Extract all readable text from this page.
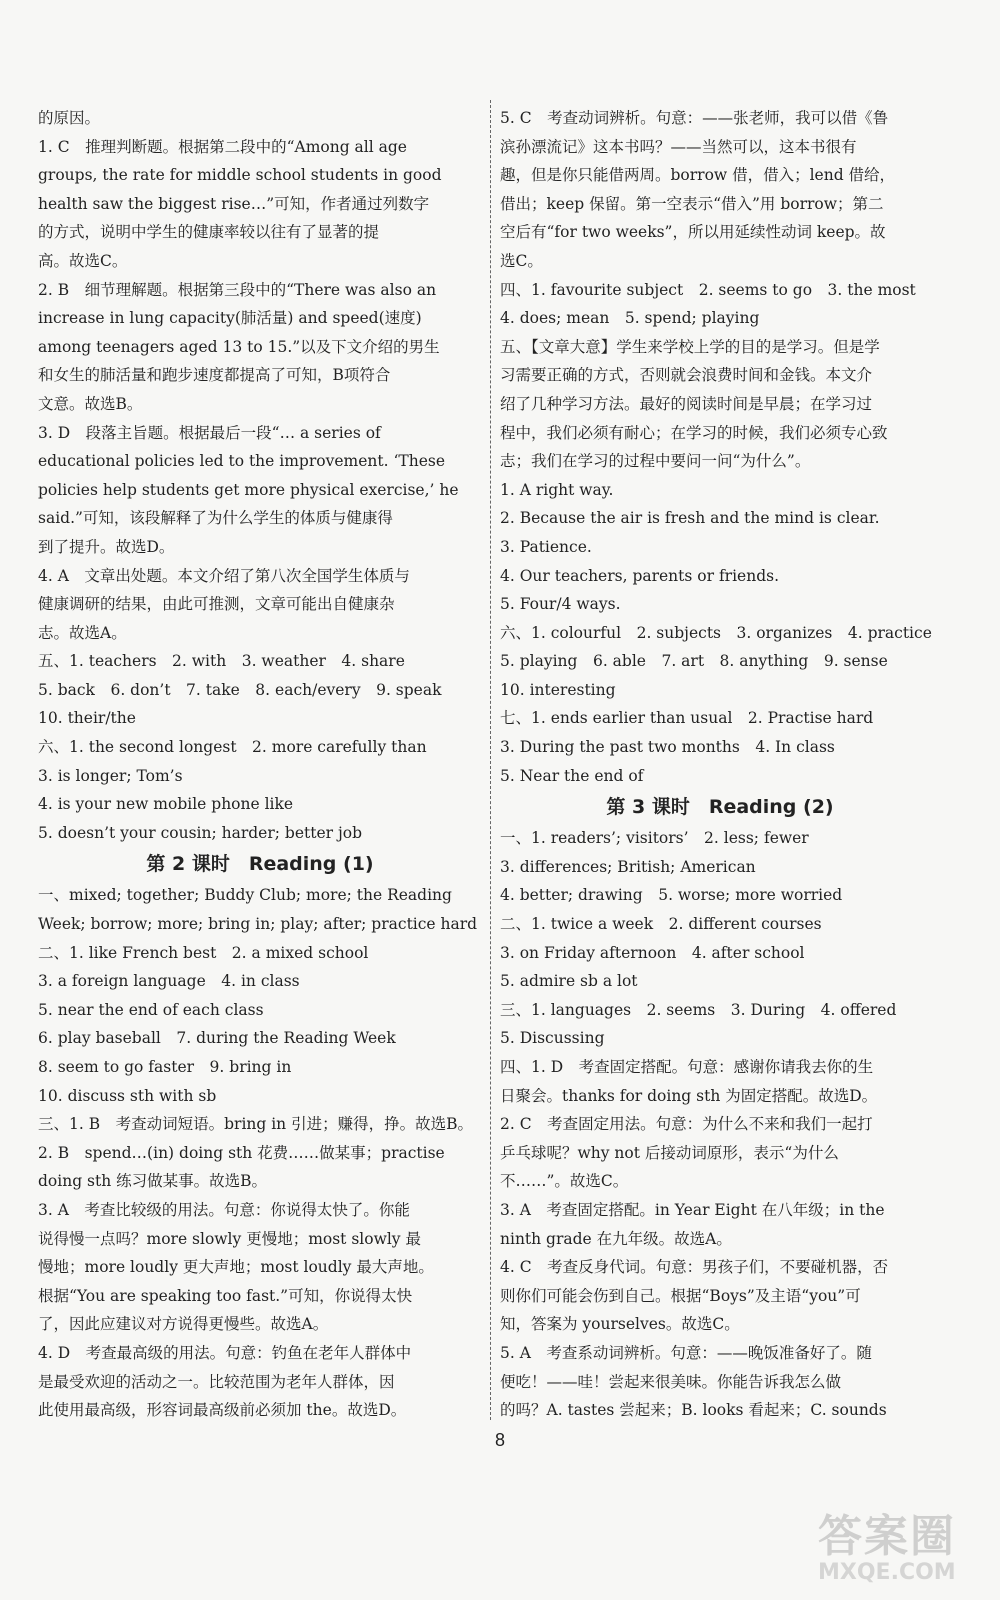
的原因。
1. C　推理判断题。根据第二段中的“Among all age
groups, the rate for middle school students in good
health saw the biggest rise…”可知，作者通过列数字
的方式，说明中学生的健康率较以往有了显著的提
高。故选C。
2. B　细节理解题。根据第三段中的“There was also an
increase in lung capacity(肺活量) and speed(速度)
among teenagers aged 13 to 15.”以及下文介绍的男生
和女生的肺活量和跑步速度都提高了可知，B项符合
文意。故选B。
3. D　段落主旨题。根据最后一段“… a series of
educational policies led to the improvement. ‘These
policies help students get more physical exercise,’ he
said.”可知，该段解释了为什么学生的体质与健康得
到了提升。故选D。
4. A　文章出处题。本文介绍了第八次全国学生体质与
健康调研的结果，由此可推测，文章可能出自健康杂
志。故选A。
五、1. teachers　2. with　3. weather　4. share
5. back　6. don’t　7. take　8. each/every　9. speak
10. their/the
六、1. the second longest　2. more carefully than
3. is longer; Tom’s
4. is your new mobile phone like
5. doesn’t your cousin; harder; better job
第 2 课时　Reading (1)
一、mixed; together; Buddy Club; more; the Reading
Week; borrow; more; bring in; play; after; practice hard
二、1. like French best　2. a mixed school
3. a foreign language　4. in class
5. near the end of each class
6. play baseball　7. during the Reading Week
8. seem to go faster　9. bring in
10. discuss sth with sb
三、1. B　考查动词短语。bring in 引进；赚得，挣。故选B。
2. B　spend…(in) doing sth 花费……做某事；practise
doing sth 练习做某事。故选B。
3. A　考查比较级的用法。句意：你说得太快了。你能
说得慢一点吗？more slowly 更慢地；most slowly 最
慢地；more loudly 更大声地；most loudly 最大声地。
根据“You are speaking too fast.”可知，你说得太快
了，因此应建议对方说得更慢些。故选A。
4. D　考查最高级的用法。句意：钓鱼在老年人群体中
是最受欢迎的活动之一。比较范围为老年人群体，因
此使用最高级，形容词最高级前必须加 the。故选D。
5. C　考查动词辨析。句意：——张老师，我可以借《鲁
滨孙漂流记》这本书吗？——当然可以，这本书很有
趣，但是你只能借两周。borrow 借，借入；lend 借给，
借出；keep 保留。第一空表示“借入”用 borrow；第二
空后有“for two weeks”，所以用延续性动词 keep。故
选C。
四、1. favourite subject　2. seems to go　3. the most
4. does; mean　5. spend; playing
五、【文章大意】学生来学校上学的目的是学习。但是学
习需要正确的方式，否则就会浪费时间和金钱。本文介
绍了几种学习方法。最好的阅读时间是早晨；在学习过
程中，我们必须有耐心；在学习的时候，我们必须专心致
志；我们在学习的过程中要问一问“为什么”。
1. A right way.
2. Because the air is fresh and the mind is clear.
3. Patience.
4. Our teachers, parents or friends.
5. Four/4 ways.
六、1. colourful　2. subjects　3. organizes　4. practice
5. playing　6. able　7. art　8. anything　9. sense
10. interesting
七、1. ends earlier than usual　2. Practise hard
3. During the past two months　4. In class
5. Near the end of
第 3 课时　Reading (2)
一、1. readers’; visitors’　2. less; fewer
3. differences; British; American
4. better; drawing　5. worse; more worried
二、1. twice a week　2. different courses
3. on Friday afternoon　4. after school
5. admire sb a lot
三、1. languages　2. seems　3. During　4. offered
5. Discussing
四、1. D　考查固定搭配。句意：感谢你请我去你的生
日聚会。thanks for doing sth 为固定搭配。故选D。
2. C　考查固定用法。句意：为什么不来和我们一起打
乒乓球呢？why not 后接动词原形，表示“为什么
不……”。故选C。
3. A　考查固定搭配。in Year Eight 在八年级；in the
ninth grade 在九年级。故选A。
4. C　考查反身代词。句意：男孩子们，不要碰机器，否
则你们可能会伤到自己。根据“Boys”及主语“you”可
知，答案为 yourselves。故选C。
5. A　考查系动词辨析。句意：——晚饭准备好了。随
便吃！——哇！尝起来很美味。你能告诉我怎么做
的吗？A. tastes 尝起来；B. looks 看起来；C. sounds
8
答案圈
MXQE.COM
